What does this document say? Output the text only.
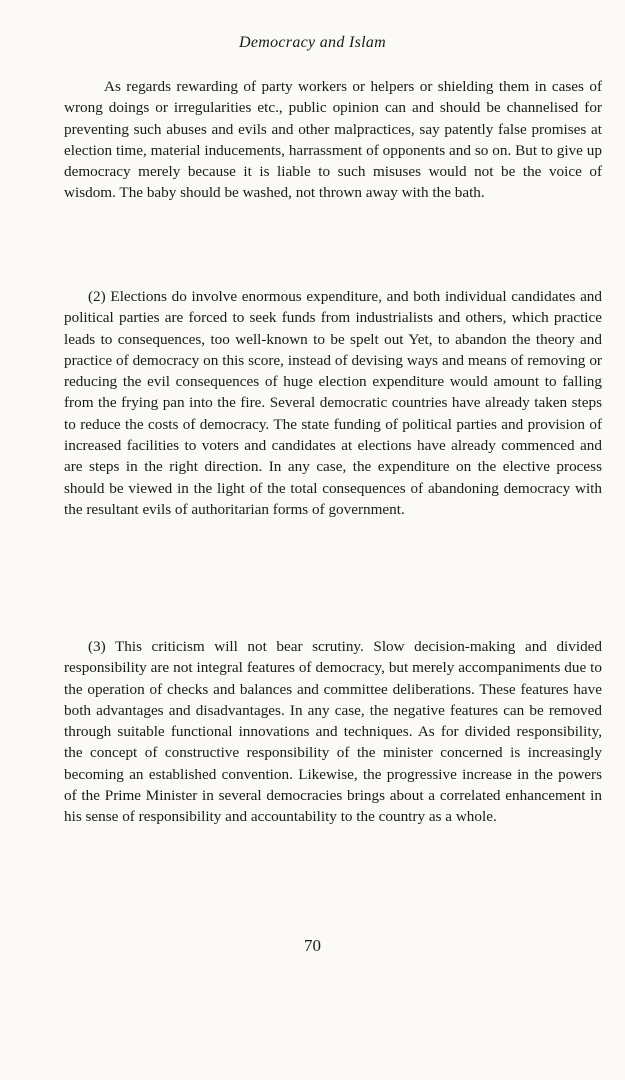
Democracy and Islam

As regards rewarding of party workers or helpers or shielding them in cases of wrong doings or irregularities etc., public opinion can and should be channelised for preventing such abuses and evils and other malpractices, say patently false promises at election time, material inducements, harrassment of opponents and so on. But to give up democracy merely because it is liable to such misuses would not be the voice of wisdom. The baby should be washed, not thrown away with the bath.

(2) Elections do involve enormous expenditure, and both individual candidates and political parties are forced to seek funds from industrialists and others, which practice leads to consequences, too well-known to be spelt out Yet, to abandon the theory and practice of democracy on this score, instead of devising ways and means of removing or reducing the evil consequences of huge election expenditure would amount to falling from the frying pan into the fire. Several democratic countries have already taken steps to reduce the costs of democracy. The state funding of political parties and provision of increased facilities to voters and candidates at elections have already commenced and are steps in the right direction. In any case, the expenditure on the elective process should be viewed in the light of the total consequences of abandoning democracy with the resultant evils of authoritarian forms of government.

(3) This criticism will not bear scrutiny. Slow decision-making and divided responsibility are not integral features of democracy, but merely accompaniments due to the operation of checks and balances and committee deliberations. These features have both advantages and disadvantages. In any case, the negative features can be removed through suitable functional innovations and techniques. As for divided responsibility, the concept of constructive responsibility of the minister concerned is increasingly becoming an established convention. Likewise, the progressive increase in the powers of the Prime Minister in several democracies brings about a correlated enhancement in his sense of responsibility and accountability to the country as a whole.

70
